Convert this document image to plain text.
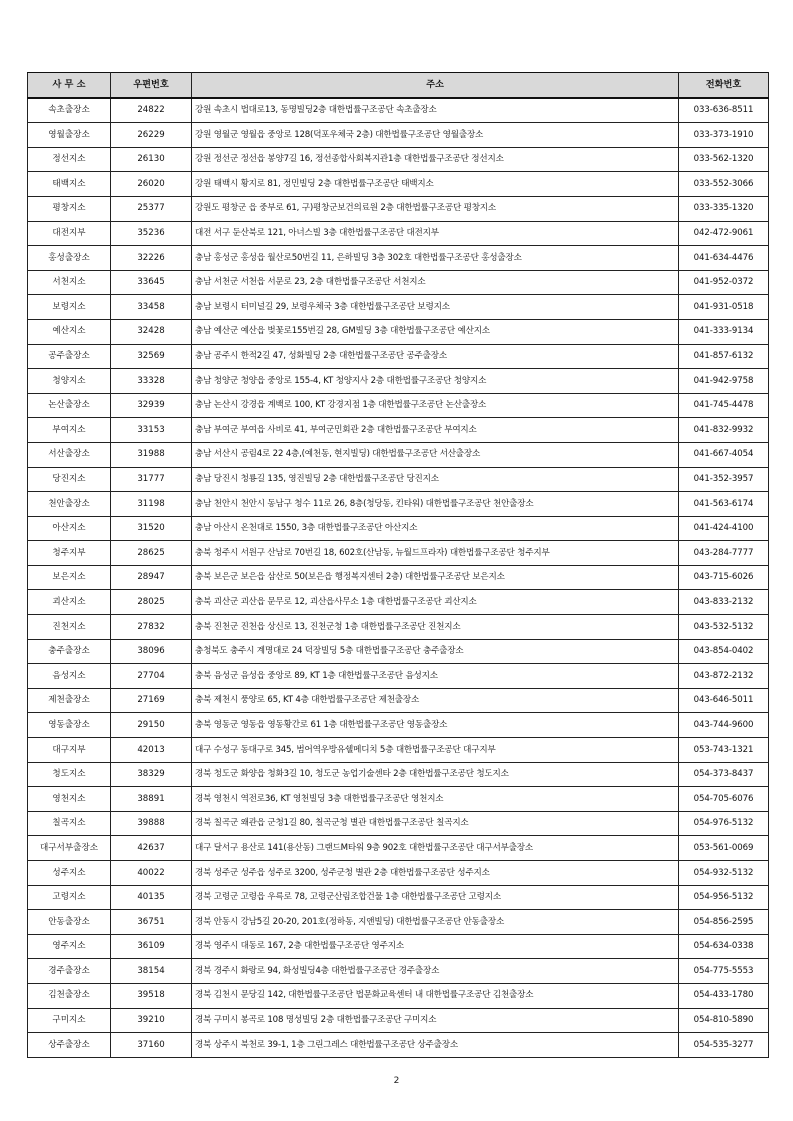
사 무 소	우편번호	주소	전화번호
속초출장소	24822	강원 속초시 법대로13, 동명빌딩2층 대한법률구조공단 속초출장소	033-636-8511
영월출장소	26229	강원 영월군 영월읍 중앙로 128(덕포우체국 2층) 대한법률구조공단 영월출장소	033-373-1910
정선지소	26130	강원 정선군 정선읍 봉양7길 16, 정선종합사회복지관1층 대한법률구조공단 정선지소	033-562-1320
태백지소	26020	강원 태백시 황지로 81, 정민빌딩 2층 대한법률구조공단 태백지소	033-552-3066
평창지소	25377	강원도 평창군 읍 중부로 61, 구)평창군보건의료원 2층 대한법률구조공단 평창지소	033-335-1320
대전지부	35236	대전 서구 둔산북로 121, 아너스빌 3층 대한법률구조공단 대전지부	042-472-9061
홍성출장소	32226	충남 홍성군 홍성읍 월산로50번길 11, 은하빌딩 3층 302호 대한법률구조공단 홍성출장소	041-634-4476
서천지소	33645	충남 서천군 서천읍 서문로 23, 2층 대한법률구조공단 서천지소	041-952-0372
보령지소	33458	충남 보령시 터미널길 29, 보령우체국 3층 대한법률구조공단 보령지소	041-931-0518
예산지소	32428	충남 예산군 예산읍 벚꽃로155번길 28, GM빌딩 3층 대한법률구조공단 예산지소	041-333-9134
공주출장소	32569	충남 공주시 한적2길 47, 성화빌딩 2층 대한법률구조공단 공주출장소	041-857-6132
청양지소	33328	충남 청양군 청양읍 중앙로 155-4, KT 청양지사 2층 대한법률구조공단 청양지소	041-942-9758
논산출장소	32939	충남 논산시 강경읍 계백로 100, KT 강경지점 1층 대한법률구조공단 논산출장소	041-745-4478
부여지소	33153	충남 부여군 부여읍 사비로 41, 부여군민회관 2층 대한법률구조공단 부여지소	041-832-9932
서산출장소	31988	충남 서산시 공림4로 22 4층,(예천동, 현지빌딩) 대한법률구조공단 서산출장소	041-667-4054
당진지소	31777	충남 당진시 청룡길 135, 영진빌딩 2층 대한법률구조공단 당진지소	041-352-3957
천안출장소	31198	충남 천안시 천안시 동남구 청수 11로 26, 8층(청당동, 킨타워) 대한법률구조공단 천안출장소	041-563-6174
아산지소	31520	충남 아산시 온천대로 1550, 3층 대한법률구조공단 아산지소	041-424-4100
청주지부	28625	충북 청주시 서원구 산남로 70번길 18, 602호(산남동, 뉴월드프라자) 대한법률구조공단 청주지부	043-284-7777
보은지소	28947	충북 보은군 보은읍 삼산로 50(보은읍 행정복지센터 2층) 대한법률구조공단 보은지소	043-715-6026
괴산지소	28025	충북 괴산군 괴산읍 문무로 12, 괴산읍사무소 1층 대한법률구조공단 괴산지소	043-833-2132
진천지소	27832	충북 진천군 진천읍 상신로 13, 진천군청 1층 대한법률구조공단 진천지소	043-532-5132
충주출장소	38096	충청북도 충주시 계명대로 24 덕장빌딩 5층 대한법률구조공단 충주출장소	043-854-0402
음성지소	27704	충북 음성군 음성읍 중앙로 89, KT 1층 대한법률구조공단 음성지소	043-872-2132
제천출장소	27169	충북 제천시 풍양로 65, KT 4층 대한법률구조공단 제천출장소	043-646-5011
영동출장소	29150	충북 영동군 영동읍 영동황간로 61 1층 대한법률구조공단 영동출장소	043-744-9600
대구지부	42013	대구 수성구 동대구로 345, 범어역우방유쉘메디치 5층 대한법률구조공단 대구지부	053-743-1321
청도지소	38329	경북 청도군 화양읍 청화3길 10, 청도군 농업기술센타 2층 대한법률구조공단 청도지소	054-373-8437
영천지소	38891	경북 영천시 역전로36, KT 영천빌딩 3층 대한법률구조공단 영천지소	054-705-6076
칠곡지소	39888	경북 칠곡군 왜관읍 군청1길 80, 칠곡군청 별관 대한법률구조공단 칠곡지소	054-976-5132
대구서부출장소	42637	대구 달서구 용산로 141(용산동) 그랜드M타워 9층 902호 대한법률구조공단 대구서부출장소	053-561-0069
성주지소	40022	경북 성주군 성주읍 성주로 3200, 성주군청 별관 2층 대한법률구조공단 성주지소	054-932-5132
고령지소	40135	경북 고령군 고령읍 우륵로 78, 고령군산림조합건물 1층 대한법률구조공단 고령지소	054-956-5132
안동출장소	36751	경북 안동시 강남5길 20-20, 201호(정하동, 지앤빌딩) 대한법률구조공단 안동출장소	054-856-2595
영주지소	36109	경북 영주시 대동로 167, 2층 대한법률구조공단 영주지소	054-634-0338
경주출장소	38154	경북 경주시 화랑로 94, 화성빌딩4층 대한법률구조공단 경주출장소	054-775-5553
김천출장소	39518	경북 김천시 문당길 142, 대한법률구조공단 법문화교육센터 내 대한법률구조공단 김천출장소	054-433-1780
구미지소	39210	경북 구미시 봉곡로 108 명성빌딩 2층 대한법률구조공단 구미지소	054-810-5890
상주출장소	37160	경북 상주시 북천로 39-1, 1층 그린그레스 대한법률구조공단 상주출장소	054-535-3277
2
